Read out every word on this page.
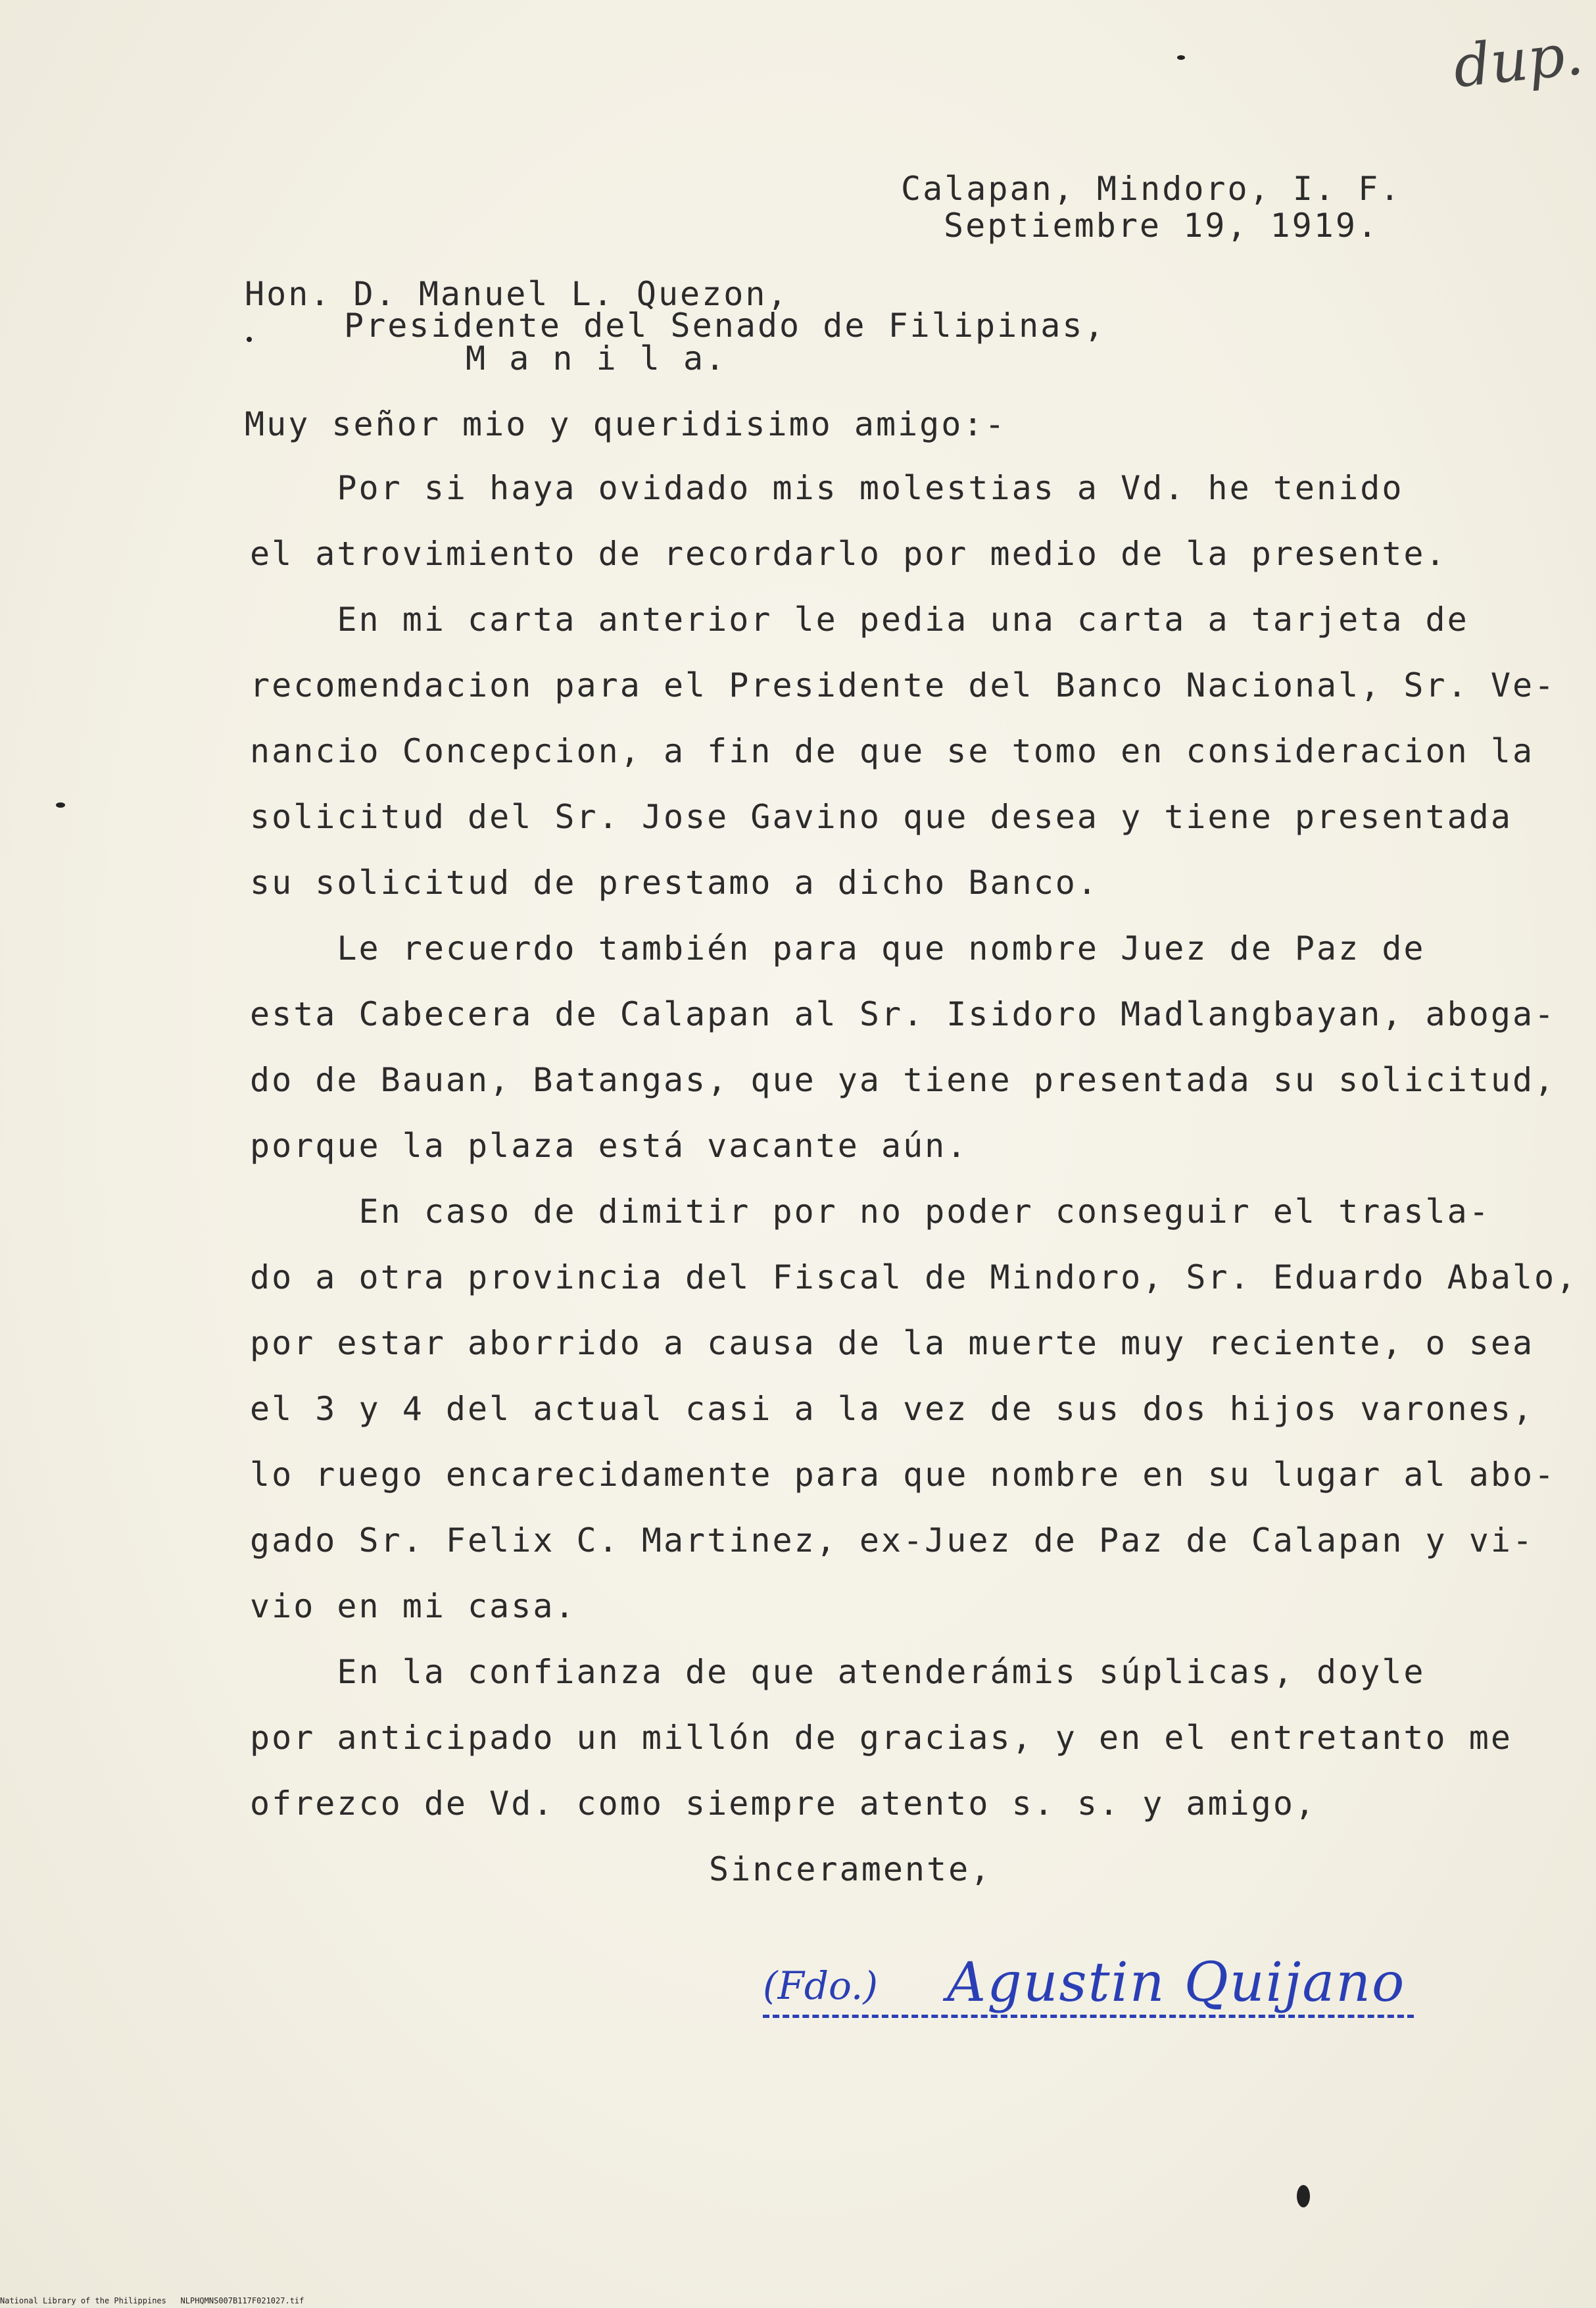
dup.
Calapan, Mindoro, I. F.
Septiembre 19, 1919.
Hon. D. Manuel L. Quezon,
Presidente del Senado de Filipinas,
M a n i l a.
Muy señor mio y queridisimo amigo:-
Por si haya ovidado mis molestias a Vd. he tenido
el atrovimiento de recordarlo por medio de la presente.
En mi carta anterior le pedia una carta a tarjeta de
recomendacion para el Presidente del Banco Nacional, Sr. Ve-
nancio Concepcion, a fin de que se tomo en consideracion la
solicitud del Sr. Jose Gavino que desea y tiene presentada
su solicitud de prestamo a dicho Banco.
Le recuerdo también para que nombre Juez de Paz de
esta Cabecera de Calapan al Sr. Isidoro Madlangbayan, aboga-
do de Bauan, Batangas, que ya tiene presentada su solicitud,
porque la plaza está vacante aún.
En caso de dimitir por no poder conseguir el trasla-
do a otra provincia del Fiscal de Mindoro, Sr. Eduardo Abalo,
por estar aborrido a causa de la muerte muy reciente, o sea
el 3 y 4 del actual casi a la vez de sus dos hijos varones,
lo ruego encarecidamente para que nombre en su lugar al abo-
gado Sr. Felix C. Martinez, ex-Juez de Paz de Calapan y vi-
vio en mi casa.
En la confianza de que atenderámis súplicas, doyle
por anticipado un millón de gracias, y en el entretanto me
ofrezco de Vd. como siempre atento s. s. y amigo,
Sinceramente,
(Fdo.) Agustin Quijano
National Library of the Philippines   NLPHQMNS007B117F021027.tif
